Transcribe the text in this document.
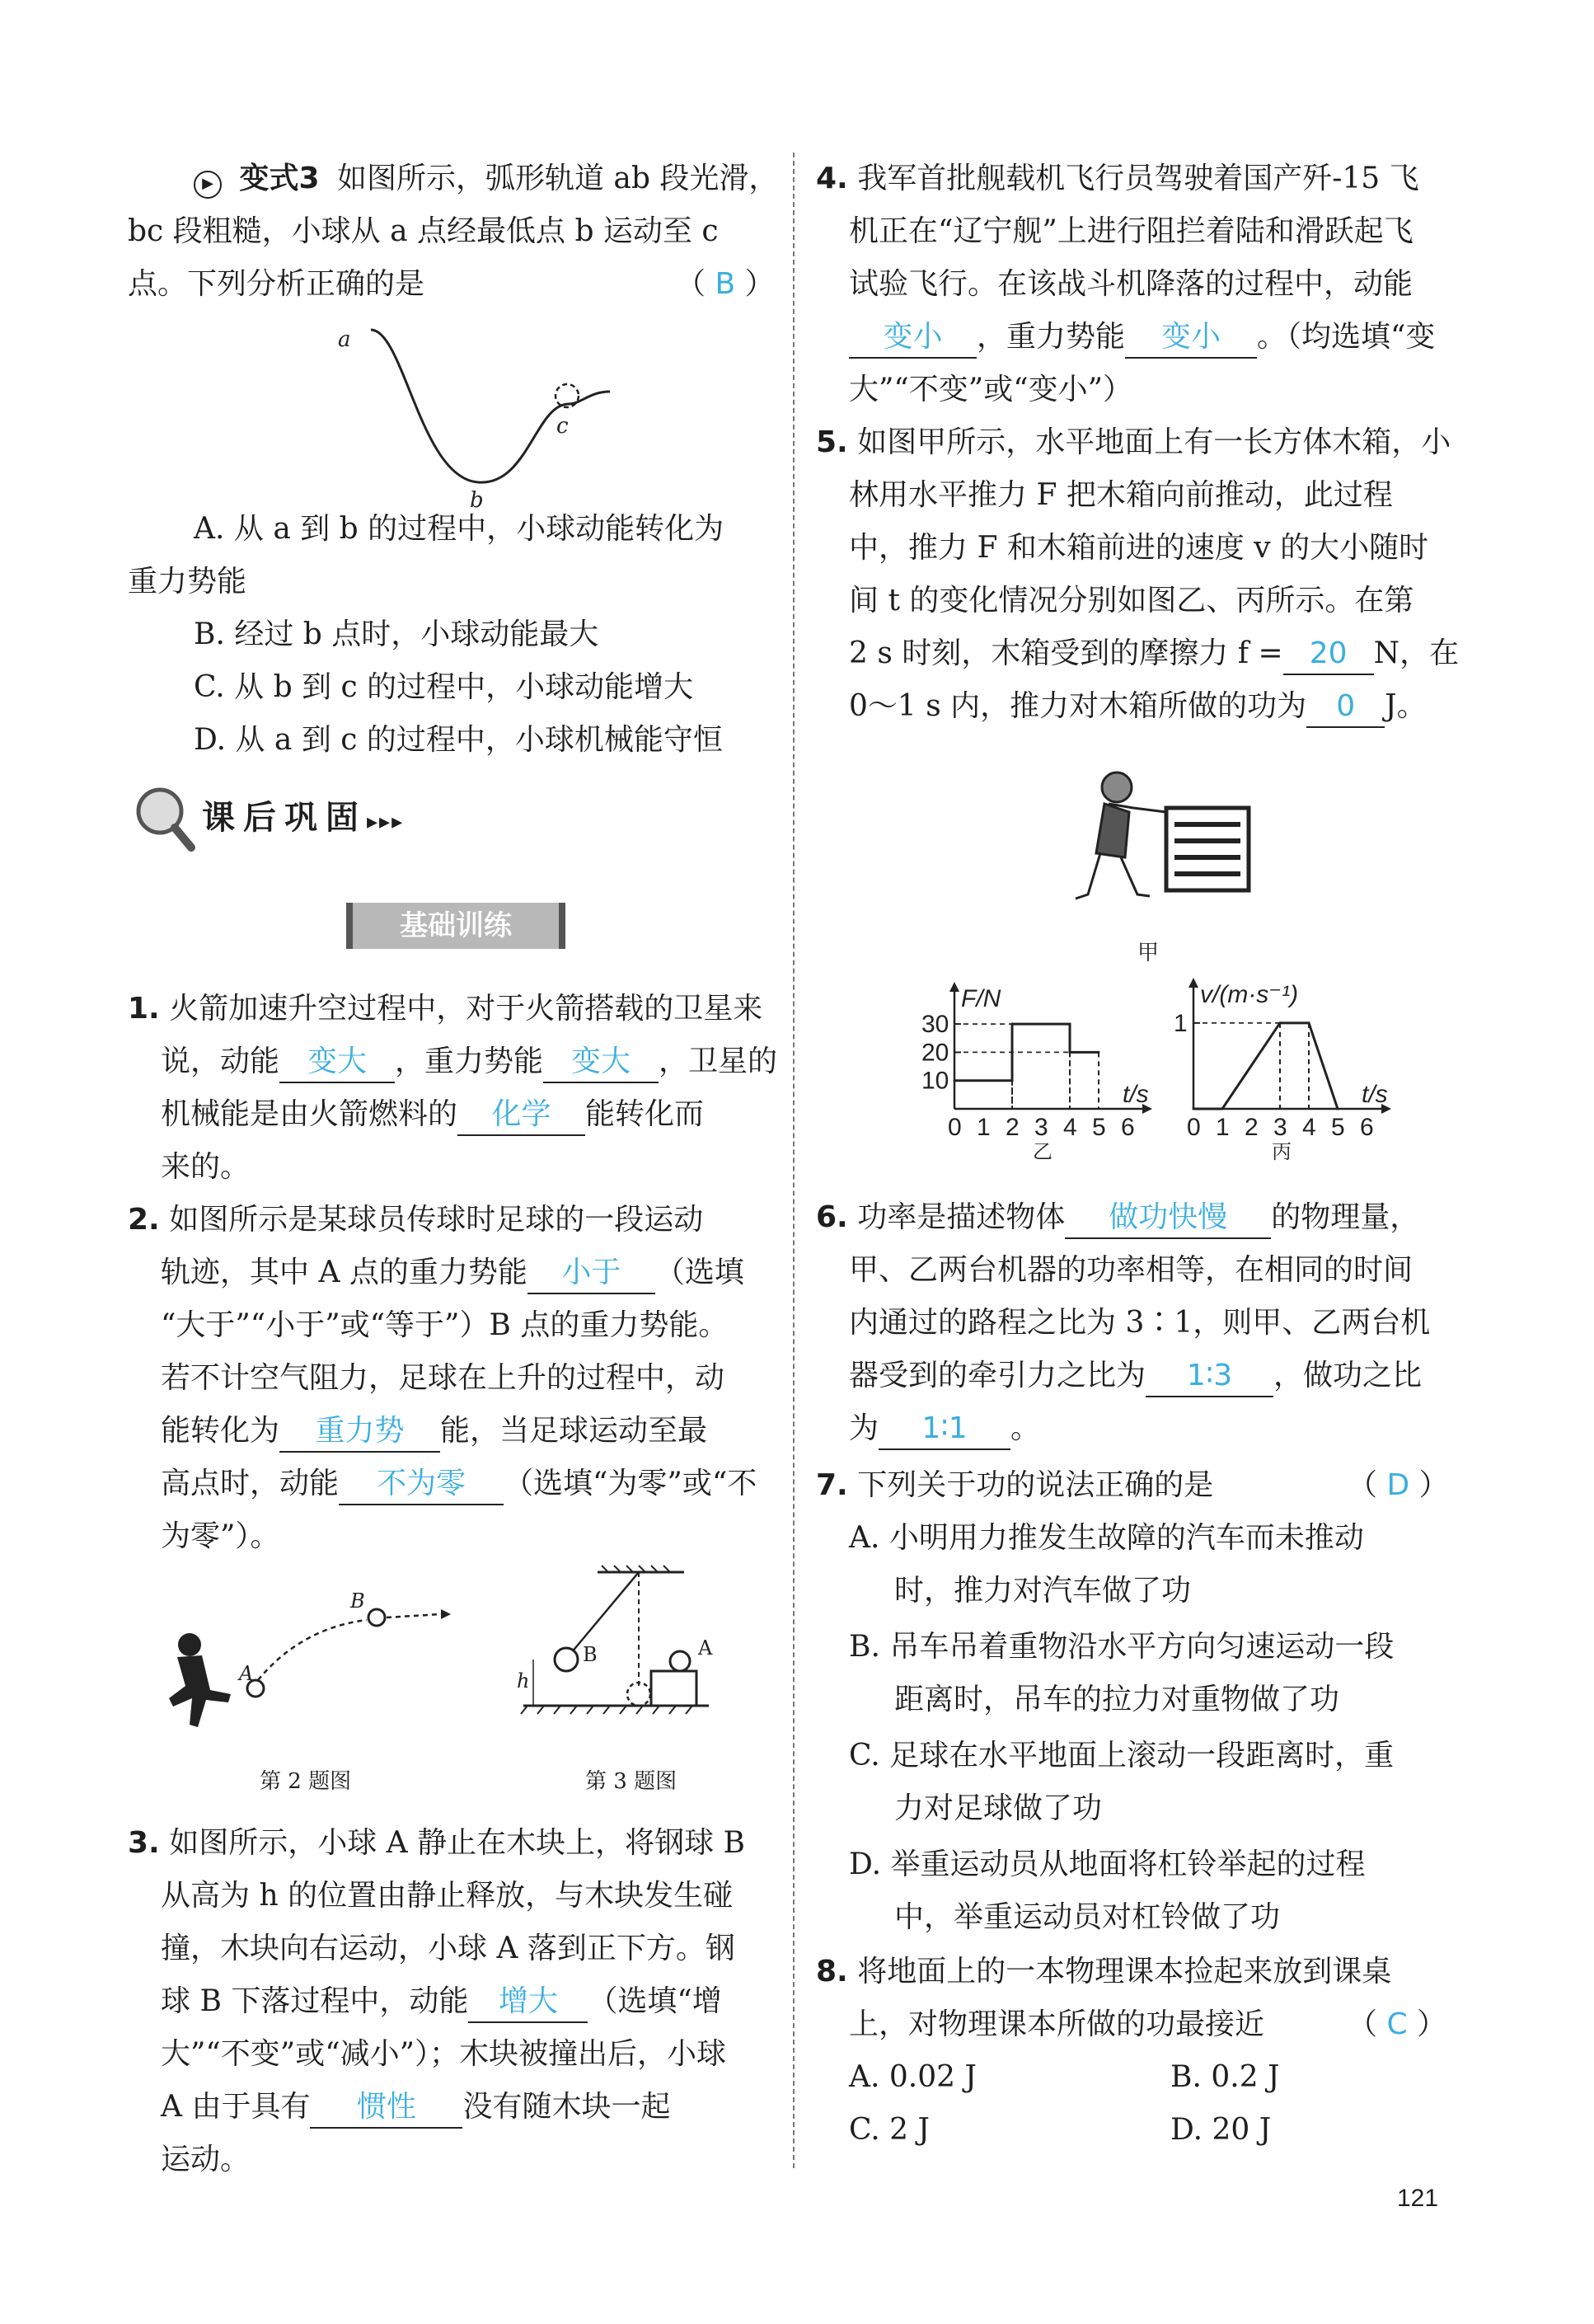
▶ 变式3 如图所示，弧形轨道 ab 段光滑，
bc 段粗糙，小球从 a 点经最低点 b 运动至 c
点。下列分析正确的是	（ B ）
a
b
c
A. 从 a 到 b 的过程中，小球动能转化为
重力势能
B. 经过 b 点时，小球动能最大
C. 从 b 到 c 的过程中，小球动能增大
D. 从 a 到 c 的过程中，小球机械能守恒
课后巩固▸▸▸
基础训练
1. 火箭加速升空过程中，对于火箭搭载的卫星来
说，动能 变大 ，重力势能 变大 ，卫星的
机械能是由火箭燃料的 化学 能转化而
来的。
2. 如图所示是某球员传球时足球的一段运动
轨迹，其中 A 点的重力势能 小于 （选填
“大于”“小于”或“等于”）B 点的重力势能。
若不计空气阻力，足球在上升的过程中，动
能转化为 重力势 能，当足球运动至最
高点时，动能 不为零 （选填“为零”或“不
为零”）。
A
B
第 2 题图
B	A
h
第 3 题图
3. 如图所示，小球 A 静止在木块上，将钢球 B
从高为 h 的位置由静止释放，与木块发生碰
撞，木块向右运动，小球 A 落到正下方。钢
球 B 下落过程中，动能 增大 （选填“增
大”“不变”或“减小”）；木块被撞出后，小球
A 由于具有 惯性 没有随木块一起
运动。
4. 我军首批舰载机飞行员驾驶着国产歼-15 飞
机正在“辽宁舰”上进行阻拦着陆和滑跃起飞
试验飞行。在该战斗机降落的过程中，动能
变小 ，重力势能 变小 。（均选填“变
大”“不变”或“变小”）
5. 如图甲所示，水平地面上有一长方体木箱，小
林用水平推力 F 把木箱向前推动，此过程
中，推力 F 和木箱前进的速度 v 的大小随时
间 t 的变化情况分别如图乙、丙所示。在第
2 s 时刻，木箱受到的摩擦力 f = 20 N，在
0～1 s 内，推力对木箱所做的功为 0 J。
甲
F/N
t/s
0 1 2 3 4 5 6
10
20
30
乙
v/(m·s⁻¹)
t/s
0 1 2 3 4 5 6
1
丙
6. 功率是描述物体 做功快慢 的物理量，
甲、乙两台机器的功率相等，在相同的时间
内通过的路程之比为 3∶1，则甲、乙两台机
器受到的牵引力之比为 1∶3 ，做功之比
为 1∶1 。
7. 下列关于功的说法正确的是	（ D ）
A. 小明用力推发生故障的汽车而未推动
时，推力对汽车做了功
B. 吊车吊着重物沿水平方向匀速运动一段
距离时，吊车的拉力对重物做了功
C. 足球在水平地面上滚动一段距离时，重
力对足球做了功
D. 举重运动员从地面将杠铃举起的过程
中，举重运动员对杠铃做了功
8. 将地面上的一本物理课本捡起来放到课桌
上，对物理课本所做的功最接近	（ C ）
A. 0.02 J	B. 0.2 J
C. 2 J	D. 20 J
121
